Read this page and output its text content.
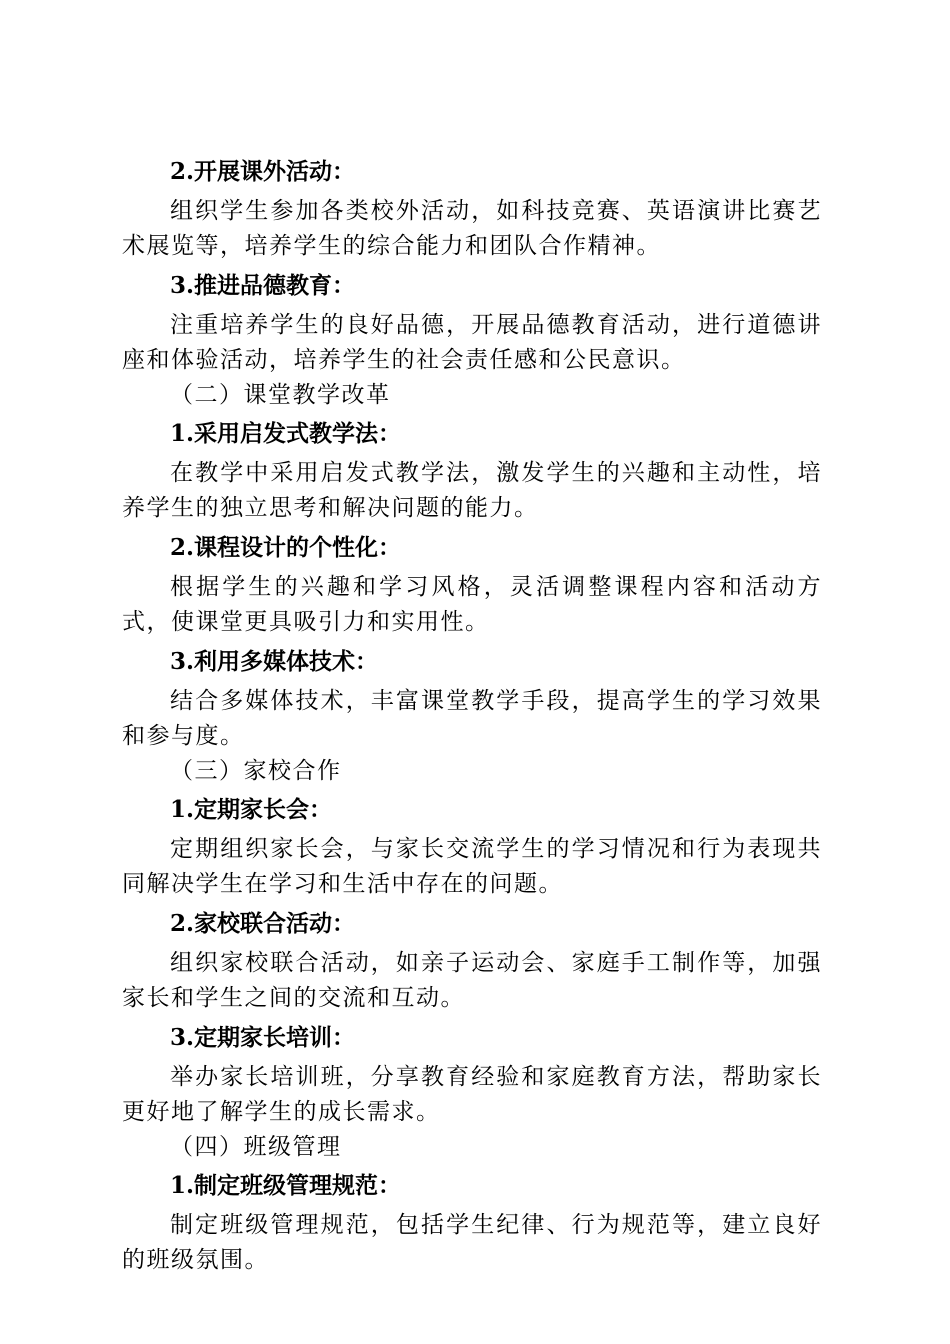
2.开展课外活动：

组织学生参加各类校外活动，如科技竞赛、英语演讲比赛艺术展览等，培养学生的综合能力和团队合作精神。

3.推进品德教育：

注重培养学生的良好品德，开展品德教育活动，进行道德讲座和体验活动，培养学生的社会责任感和公民意识。

（二）课堂教学改革
1.采用启发式教学法：

在教学中采用启发式教学法，激发学生的兴趣和主动性，培养学生的独立思考和解决问题的能力。

2.课程设计的个性化：

根据学生的兴趣和学习风格，灵活调整课程内容和活动方式，使课堂更具吸引力和实用性。

3.利用多媒体技术：

结合多媒体技术，丰富课堂教学手段，提高学生的学习效果和参与度。

（三）家校合作
1.定期家长会：

定期组织家长会，与家长交流学生的学习情况和行为表现共同解决学生在学习和生活中存在的问题。

2.家校联合活动：

组织家校联合活动，如亲子运动会、家庭手工制作等，加强家长和学生之间的交流和互动。

3.定期家长培训：

举办家长培训班，分享教育经验和家庭教育方法，帮助家长更好地了解学生的成长需求。

（四）班级管理
1.制定班级管理规范：

制定班级管理规范，包括学生纪律、行为规范等，建立良好的班级氛围。
